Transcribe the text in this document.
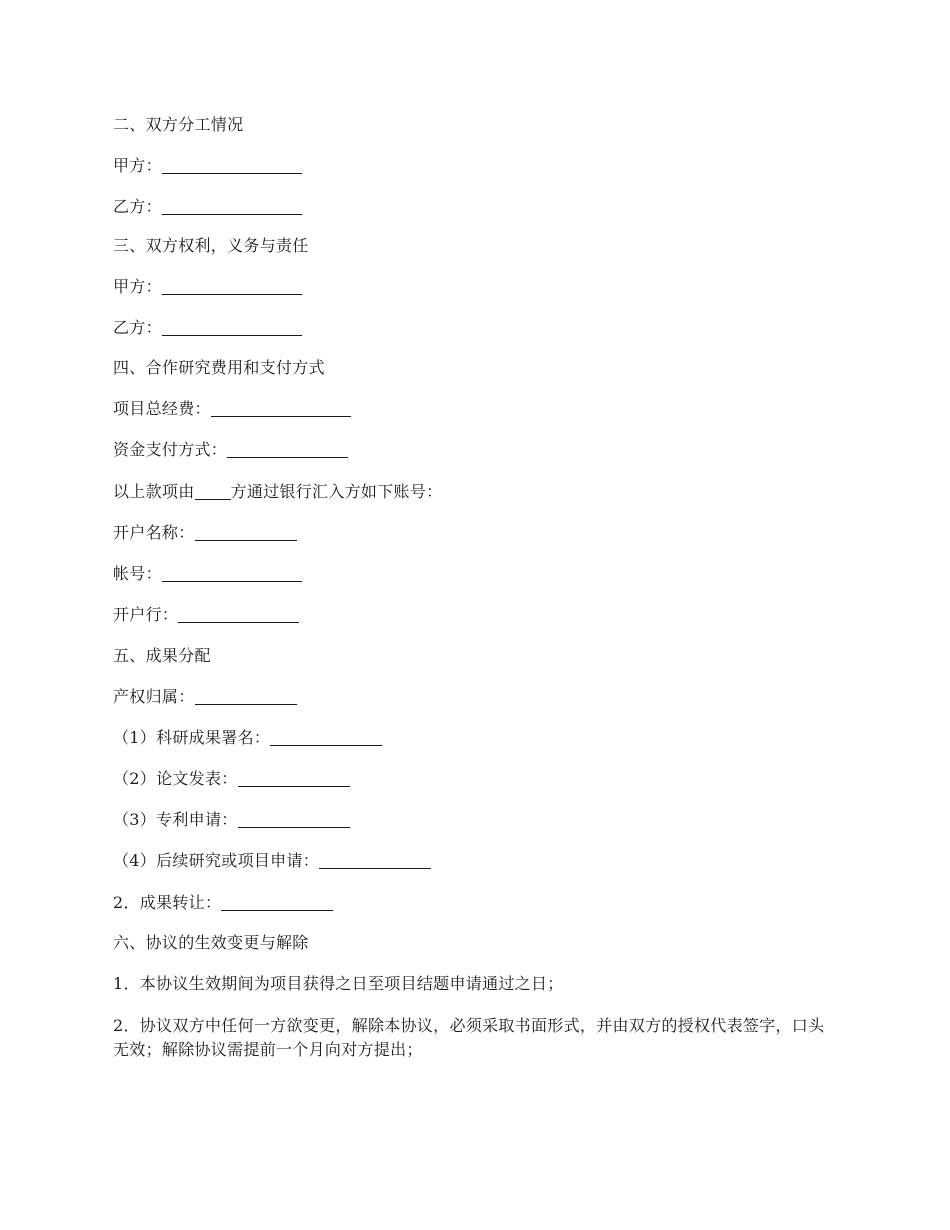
二、双方分工情况
甲方：
乙方：
三、双方权利，义务与责任
甲方：
乙方：
四、合作研究费用和支付方式
项目总经费：
资金支付方式：
以上款项由 方通过银行汇入方如下账号：
开户名称：
帐号：
开户行：
五、成果分配
产权归属：
（1）科研成果署名：
（2）论文发表：
（3）专利申请：
（4）后续研究或项目申请：
2．成果转让：
六、协议的生效变更与解除
1．本协议生效期间为项目获得之日至项目结题申请通过之日；
2．协议双方中任何一方欲变更，解除本协议，必须采取书面形式，并由双方的授权代表签字，口头无效；解除协议需提前一个月向对方提出；
